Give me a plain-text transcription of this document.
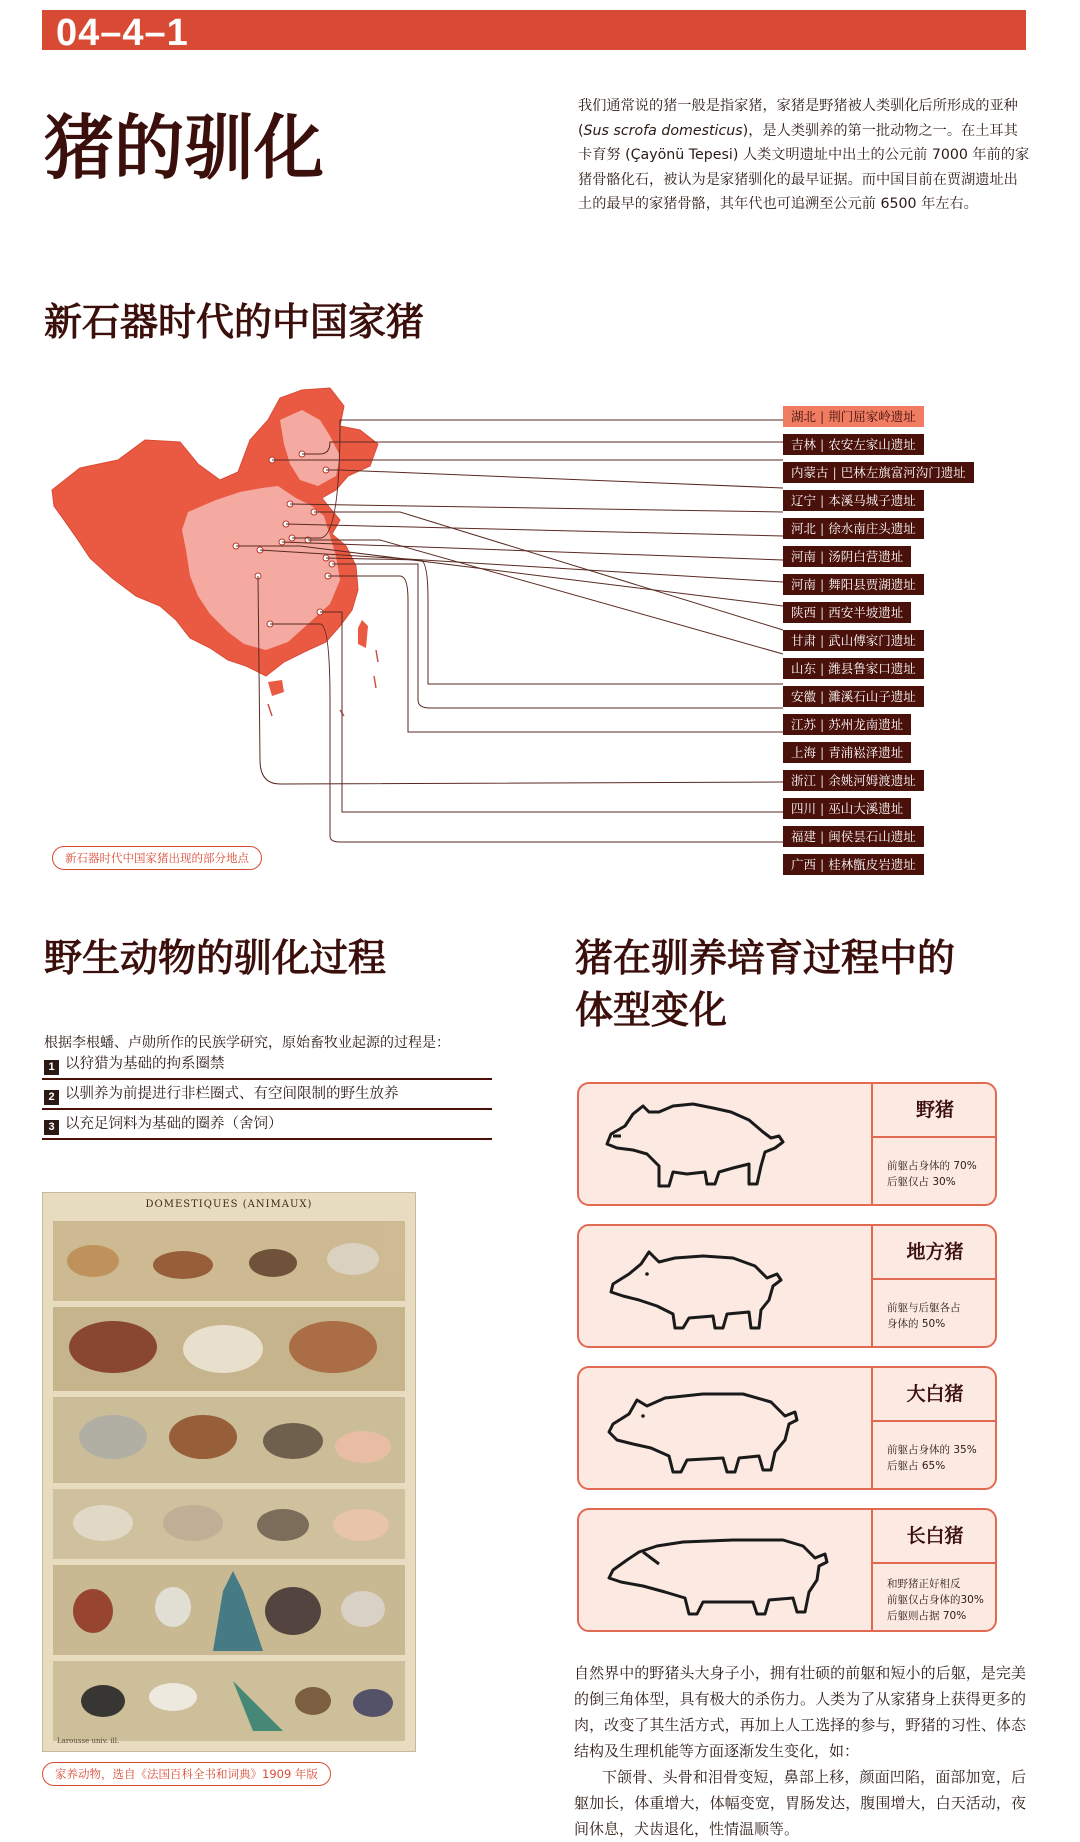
04–4–1
猪的驯化
我们通常说的猪一般是指家猪，家猪是野猪被人类驯化后所形成的亚种 (Sus scrofa domesticus)，是人类驯养的第一批动物之一。在土耳其卡育努 (Çayönü Tepesi) 人类文明遗址中出土的公元前 7000 年前的家猪骨骼化石，被认为是家猪驯化的最早证据。而中国目前在贾湖遗址出土的最早的家猪骨骼，其年代也可追溯至公元前 6500 年左右。
新石器时代的中国家猪
湖北 | 荆门屈家岭遗址
吉林 | 农安左家山遗址
内蒙古 | 巴林左旗富河沟门遗址
辽宁 | 本溪马城子遗址
河北 | 徐水南庄头遗址
河南 | 汤阴白营遗址
河南 | 舞阳县贾湖遗址
陕西 | 西安半坡遗址
甘肃 | 武山傅家门遗址
山东 | 潍县鲁家口遗址
安徽 | 濉溪石山子遗址
江苏 | 苏州龙南遗址
上海 | 青浦崧泽遗址
浙江 | 余姚河姆渡遗址
四川 | 巫山大溪遗址
福建 | 闽侯昙石山遗址
广西 | 桂林甑皮岩遗址
新石器时代中国家猪出现的部分地点
野生动物的驯化过程
根据李根蟠、卢勋所作的民族学研究，原始畜牧业起源的过程是：
1 以狩猎为基础的拘系圈禁
2 以驯养为前提进行非栏圈式、有空间限制的野生放养
3 以充足饲料为基础的圈养（舍饲）
DOMESTIQUES (ANIMAUX)
Larousse univ. ill.
家养动物，选自《法国百科全书和词典》1909 年版
猪在驯养培育过程中的
体型变化
野猪
前躯占身体的 70%
后躯仅占 30%
地方猪
前躯与后躯各占
身体的 50%
大白猪
前躯占身体的 35%
后躯占 65%
长白猪
和野猪正好相反
前躯仅占身体的30%
后躯则占据 70%

自然界中的野猪头大身子小，拥有壮硕的前躯和短小的后躯，是完美的倒三角体型，具有极大的杀伤力。人类为了从家猪身上获得更多的肉，改变了其生活方式，再加上人工选择的参与，野猪的习性、体态结构及生理机能等方面逐渐发生变化，如：

下颌骨、头骨和泪骨变短，鼻部上移，颜面凹陷，面部加宽，后躯加长，体重增大，体幅变宽，胃肠发达，腹围增大，白天活动，夜间休息，犬齿退化，性情温顺等。
